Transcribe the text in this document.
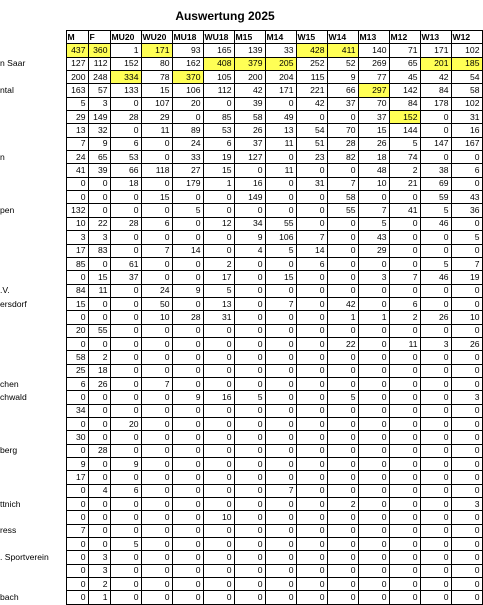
Auswertung 2025
	M	F	MU20	WU20	MU18	WU18	M15	M14	W15	W14	M13	M12	W13	W12
	437	360	1	171	93	165	139	33	428	411	140	71	171	102
n Saar	127	112	152	80	162	408	379	205	252	52	269	65	201	185
	200	248	334	78	370	105	200	204	115	9	77	45	42	54
ntal	163	57	133	15	106	112	42	171	221	66	297	142	84	58
	5	3	0	107	20	0	39	0	42	37	70	84	178	102
	29	149	28	29	0	85	58	49	0	0	37	152	0	31
	13	32	0	11	89	53	26	13	54	70	15	144	0	16
	7	9	6	0	24	6	37	11	51	28	26	5	147	167
n	24	65	53	0	33	19	127	0	23	82	18	74	0	0
	41	39	66	118	27	15	0	11	0	0	48	2	38	6
	0	0	18	0	179	1	16	0	31	7	10	21	69	0
	0	0	0	15	0	0	149	0	0	58	0	0	59	43
pen	132	0	0	0	5	0	0	0	0	55	7	41	5	36
	10	22	28	6	0	12	34	55	0	0	5	0	46	0
	3	3	0	0	0	0	9	106	7	0	43	0	0	5
	17	83	0	7	14	0	4	5	14	0	29	0	0	0
	85	0	61	0	0	2	0	0	6	0	0	0	5	7
	0	15	37	0	0	17	0	15	0	0	3	7	46	19
.V.	84	11	0	24	9	5	0	0	0	0	0	0	0	0
ersdorf	15	0	0	50	0	13	0	7	0	42	0	6	0	0
	0	0	0	10	28	31	0	0	0	1	1	2	26	10
	20	55	0	0	0	0	0	0	0	0	0	0	0	0
	0	0	0	0	0	0	0	0	0	22	0	11	3	26
	58	2	0	0	0	0	0	0	0	0	0	0	0	0
	25	18	0	0	0	0	0	0	0	0	0	0	0	0
chen	6	26	0	7	0	0	0	0	0	0	0	0	0	0
chwald	0	0	0	0	9	16	5	0	0	5	0	0	0	3
	34	0	0	0	0	0	0	0	0	0	0	0	0	0
	0	0	20	0	0	0	0	0	0	0	0	0	0	0
	30	0	0	0	0	0	0	0	0	0	0	0	0	0
berg	0	28	0	0	0	0	0	0	0	0	0	0	0	0
	9	0	9	0	0	0	0	0	0	0	0	0	0	0
	17	0	0	0	0	0	0	0	0	0	0	0	0	0
	0	4	6	0	0	0	0	7	0	0	0	0	0	0
ttnich	0	0	0	0	0	0	0	0	0	2	0	0	0	3
	0	0	0	0	0	10	0	0	0	0	0	0	0	0
ress	7	0	0	0	0	0	0	0	0	0	0	0	0	0
	0	0	5	0	0	0	0	0	0	0	0	0	0	0
. Sportverein	0	3	0	0	0	0	0	0	0	0	0	0	0	0
	0	3	0	0	0	0	0	0	0	0	0	0	0	0
	0	2	0	0	0	0	0	0	0	0	0	0	0	0
bach	0	1	0	0	0	0	0	0	0	0	0	0	0	0
